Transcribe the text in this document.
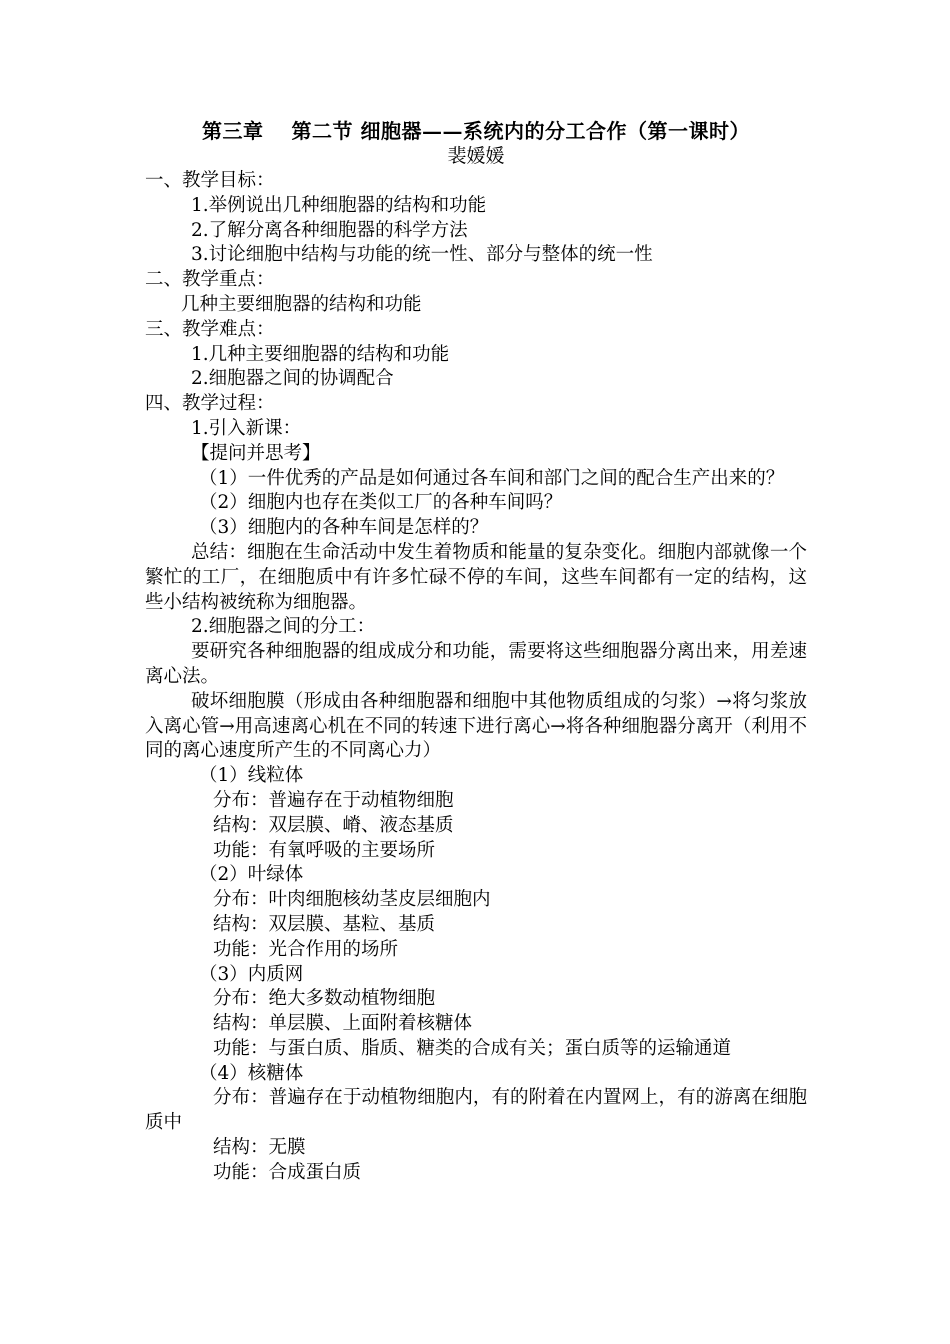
第三章　 第二节 细胞器——系统内的分工合作（第一课时）
裴媛媛
一、教学目标：
1.举例说出几种细胞器的结构和功能
2.了解分离各种细胞器的科学方法
3.讨论细胞中结构与功能的统一性、部分与整体的统一性
二、教学重点：
几种主要细胞器的结构和功能
三、教学难点：
1.几种主要细胞器的结构和功能
2.细胞器之间的协调配合
四、教学过程：
1.引入新课：
【提问并思考】
（1）一件优秀的产品是如何通过各车间和部门之间的配合生产出来的？
（2）细胞内也存在类似工厂的各种车间吗？
（3）细胞内的各种车间是怎样的？
总结：细胞在生命活动中发生着物质和能量的复杂变化。细胞内部就像一个繁忙的工厂，在细胞质中有许多忙碌不停的车间，这些车间都有一定的结构，这些小结构被统称为细胞器。
2.细胞器之间的分工：
要研究各种细胞器的组成成分和功能，需要将这些细胞器分离出来，用差速离心法。
破坏细胞膜（形成由各种细胞器和细胞中其他物质组成的匀浆）→将匀浆放入离心管→用高速离心机在不同的转速下进行离心→将各种细胞器分离开（利用不同的离心速度所产生的不同离心力）
（1）线粒体
分布：普遍存在于动植物细胞
结构：双层膜、嵴、液态基质
功能：有氧呼吸的主要场所
（2）叶绿体
分布：叶肉细胞核幼茎皮层细胞内
结构：双层膜、基粒、基质
功能：光合作用的场所
（3）内质网
分布：绝大多数动植物细胞
结构：单层膜、上面附着核糖体
功能：与蛋白质、脂质、糖类的合成有关；蛋白质等的运输通道
（4）核糖体
分布：普遍存在于动植物细胞内，有的附着在内置网上，有的游离在细胞质中
结构：无膜
功能：合成蛋白质
